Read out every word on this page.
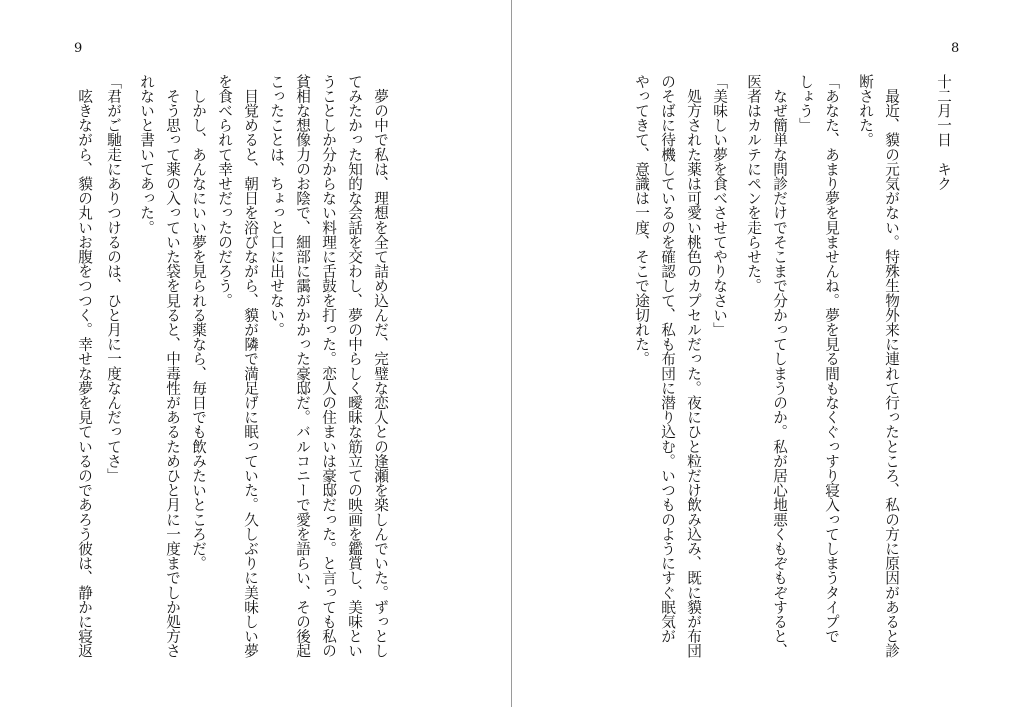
9
　夢の中で私は、理想を全て詰め込んだ、完璧な恋人との逢瀬を楽しんでいた。ずっとし
てみたかった知的な会話を交わし、夢の中らしく曖昧な筋立ての映画を鑑賞し、美味とい
うことしか分からない料理に舌鼓を打った。恋人の住まいは豪邸だった。と言っても私の
貧相な想像力のお陰で、細部に靄がかかった豪邸だ。バルコニーで愛を語らい、その後起
こったことは、ちょっと口に出せない。
　目覚めると、朝日を浴びながら、貘が隣で満足げに眠っていた。久しぶりに美味しい夢
を食べられて幸せだったのだろう。
　しかし、あんなにいい夢を見られる薬なら、毎日でも飲みたいところだ。
　そう思って薬の入っていた袋を見ると、中毒性があるためひと月に一度までしか処方さ
れないと書いてあった。
「君がご馳走にありつけるのは、ひと月に一度なんだってさ」
　呟きながら、貘の丸いお腹をつつく。幸せな夢を見ているのであろう彼は、静かに寝返
8
十二月一日　キク
　最近、貘の元気がない。特殊生物外来に連れて行ったところ、私の方に原因があると診
断された。
「あなた、あまり夢を見ませんね。夢を見る間もなくぐっすり寝入ってしまうタイプで
しょう」
　なぜ簡単な問診だけでそこまで分かってしまうのか。私が居心地悪くもぞもぞすると、
医者はカルテにペンを走らせた。
「美味しい夢を食べさせてやりなさい」
　処方された薬は可愛い桃色のカプセルだった。夜にひと粒だけ飲み込み、既に貘が布団
のそばに待機しているのを確認して、私も布団に潜り込む。いつものようにすぐ眠気が
やってきて、意識は一度、そこで途切れた。
